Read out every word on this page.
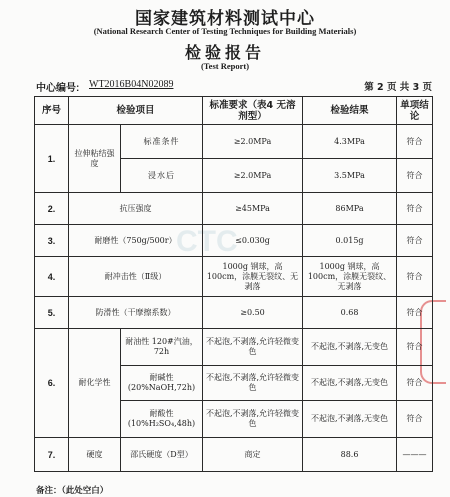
国家建筑材料测试中心
(National Research Center of Testing Techniques for Building Materials)
检验报告
(Test Report)
中心编号: WT2016B04N02089	第 2 页 共 3 页
CTC
序号	检验项目		标准要求（表4 无溶剂型）	检验结果	单项结论
1.	拉伸粘结强度	标准条件	≥2.0MPa	4.3MPa	符合
		浸水后	≥2.0MPa	3.5MPa	符合
2.	抗压强度		≥45MPa	86MPa	符合
3.	耐磨性（750g/500r）		≤0.030g	0.015g	符合
4.	耐冲击性（Ⅱ级）		1000g 钢球，高 100cm，涂膜无裂纹、无剥落	1000g 钢球，高 100cm，涂膜无裂纹、无剥落	符合
5.	防滑性（干摩擦系数）		≥0.50	0.68	符合
6.	耐化学性	耐油性 120#汽油，72h	不起泡,不剥落,允许轻微变色	不起泡,不剥落,无变色	符合
		耐碱性 (20%NaOH,72h)	不起泡,不剥落,允许轻微变色	不起泡,不剥落,无变色	符合
		耐酸性 (10%H₂SO₄,48h)	不起泡,不剥落,允许轻微变色	不起泡,不剥落,无变色	符合
7.	硬度	邵氏硬度（D型）	商定	88.6	———
备注：（此处空白）
